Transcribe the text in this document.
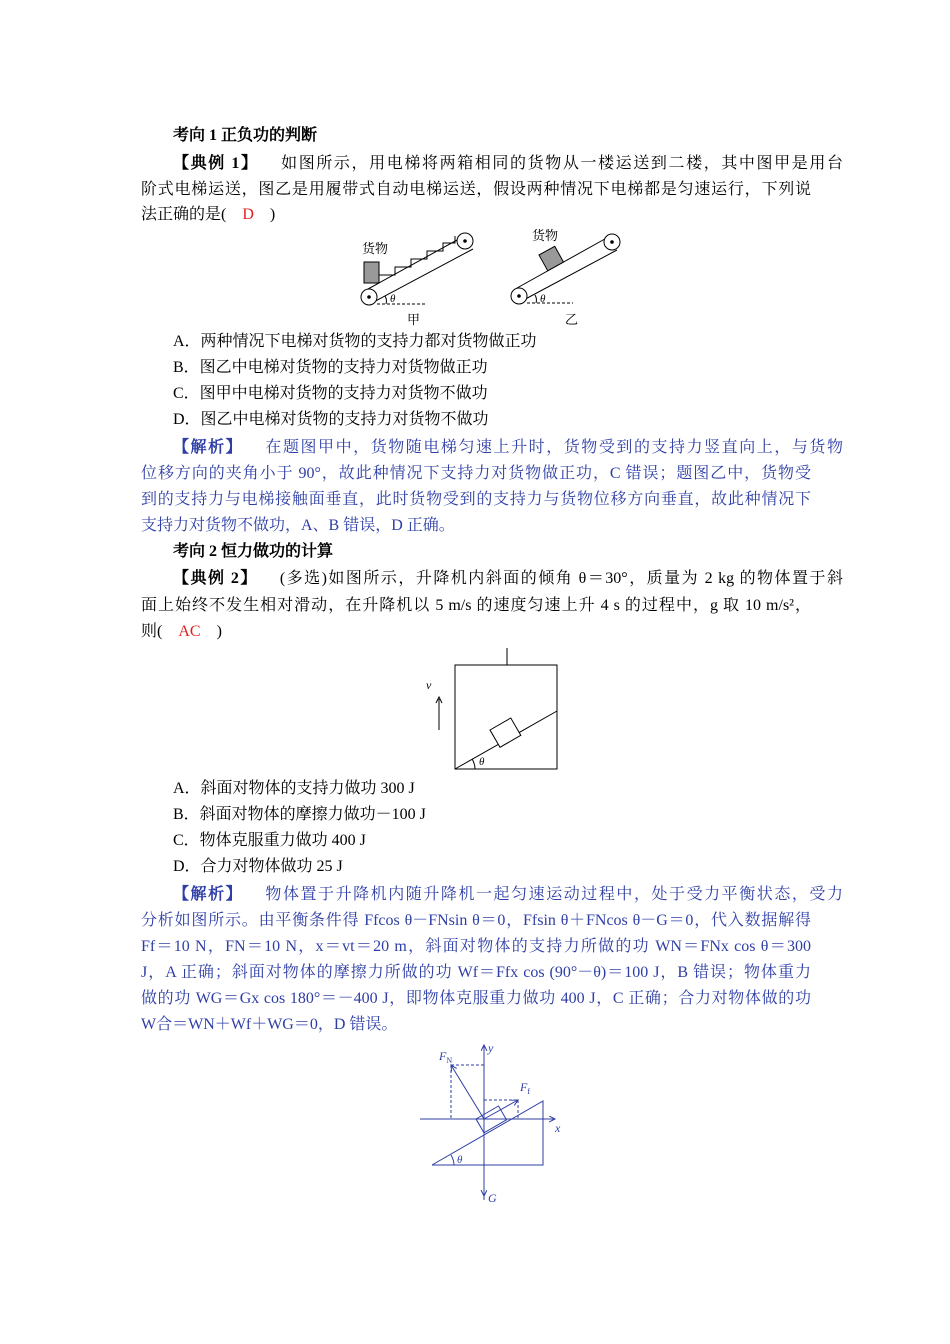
考向 1 正负功的判断
【典例 1】 如图所示，用电梯将两箱相同的货物从一楼运送到二楼，其中图甲是用台
阶式电梯运送，图乙是用履带式自动电梯运送，假设两种情况下电梯都是匀速运行，下列说
法正确的是( D )
θ
货物
甲
θ
货物
乙
A．两种情况下电梯对货物的支持力都对货物做正功
B．图乙中电梯对货物的支持力对货物做正功
C．图甲中电梯对货物的支持力对货物不做功
D．图乙中电梯对货物的支持力对货物不做功
【解析】 在题图甲中，货物随电梯匀速上升时，货物受到的支持力竖直向上，与货物
位移方向的夹角小于 90°，故此种情况下支持力对货物做正功，C 错误；题图乙中，货物受
到的支持力与电梯接触面垂直，此时货物受到的支持力与货物位移方向垂直，故此种情况下
支持力对货物不做功，A、B 错误，D 正确。
考向 2 恒力做功的计算
【典例 2】 (多选)如图所示，升降机内斜面的倾角 θ＝30°，质量为 2 kg 的物体置于斜
面上始终不发生相对滑动，在升降机以 5 m/s 的速度匀速上升 4 s 的过程中，g 取 10 m/s²，
则( AC )
v
θ
A．斜面对物体的支持力做功 300 J
B．斜面对物体的摩擦力做功－100 J
C．物体克服重力做功 400 J
D．合力对物体做功 25 J
【解析】 物体置于升降机内随升降机一起匀速运动过程中，处于受力平衡状态，受力
分析如图所示。由平衡条件得 Ffcos θ－FNsin θ＝0，Ffsin θ＋FNcos θ－G＝0，代入数据解得
Ff＝10 N，FN＝10 N，x＝vt＝20 m，斜面对物体的支持力所做的功 WN＝FNx cos θ＝300
J，A 正确；斜面对物体的摩擦力所做的功 Wf＝Ffx cos (90°－θ)＝100 J，B 错误；物体重力
做的功 WG＝Gx cos 180°＝－400 J，即物体克服重力做功 400 J，C 正确；合力对物体做的功
W合＝WN＋Wf＋WG＝0，D 错误。
$F_N$
$F_f$
y
x
G
θ
